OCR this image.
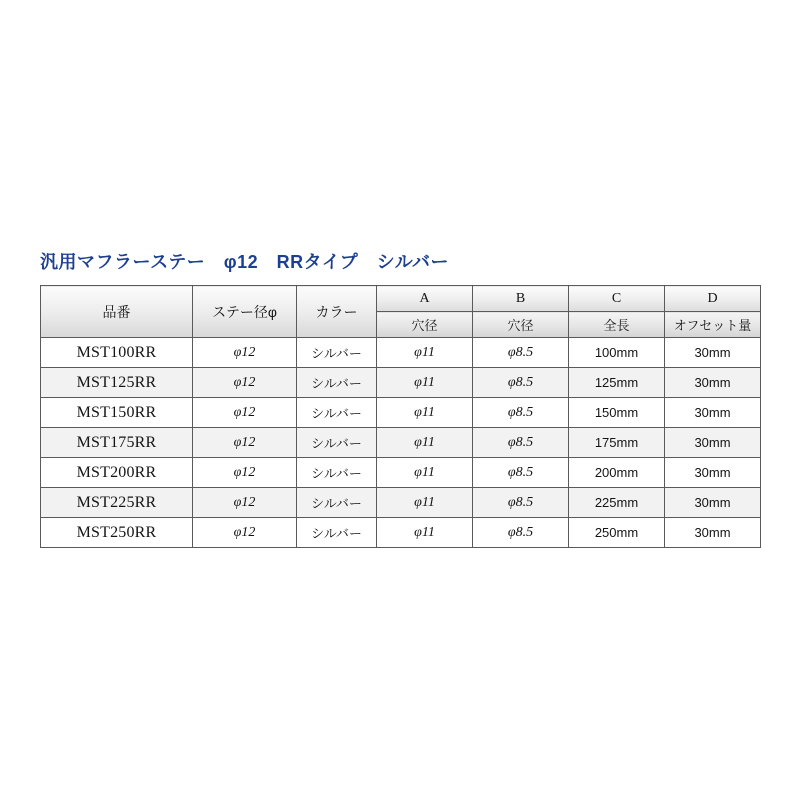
汎用マフラーステー　φ12　RRタイプ　シルバー
品番	ステー径φ	カラー	A	B	C	D
			穴径	穴径	全長	オフセット量
MST100RR	φ12	シルバー	φ11	φ8.5	100mm	30mm
MST125RR	φ12	シルバー	φ11	φ8.5	125mm	30mm
MST150RR	φ12	シルバー	φ11	φ8.5	150mm	30mm
MST175RR	φ12	シルバー	φ11	φ8.5	175mm	30mm
MST200RR	φ12	シルバー	φ11	φ8.5	200mm	30mm
MST225RR	φ12	シルバー	φ11	φ8.5	225mm	30mm
MST250RR	φ12	シルバー	φ11	φ8.5	250mm	30mm
